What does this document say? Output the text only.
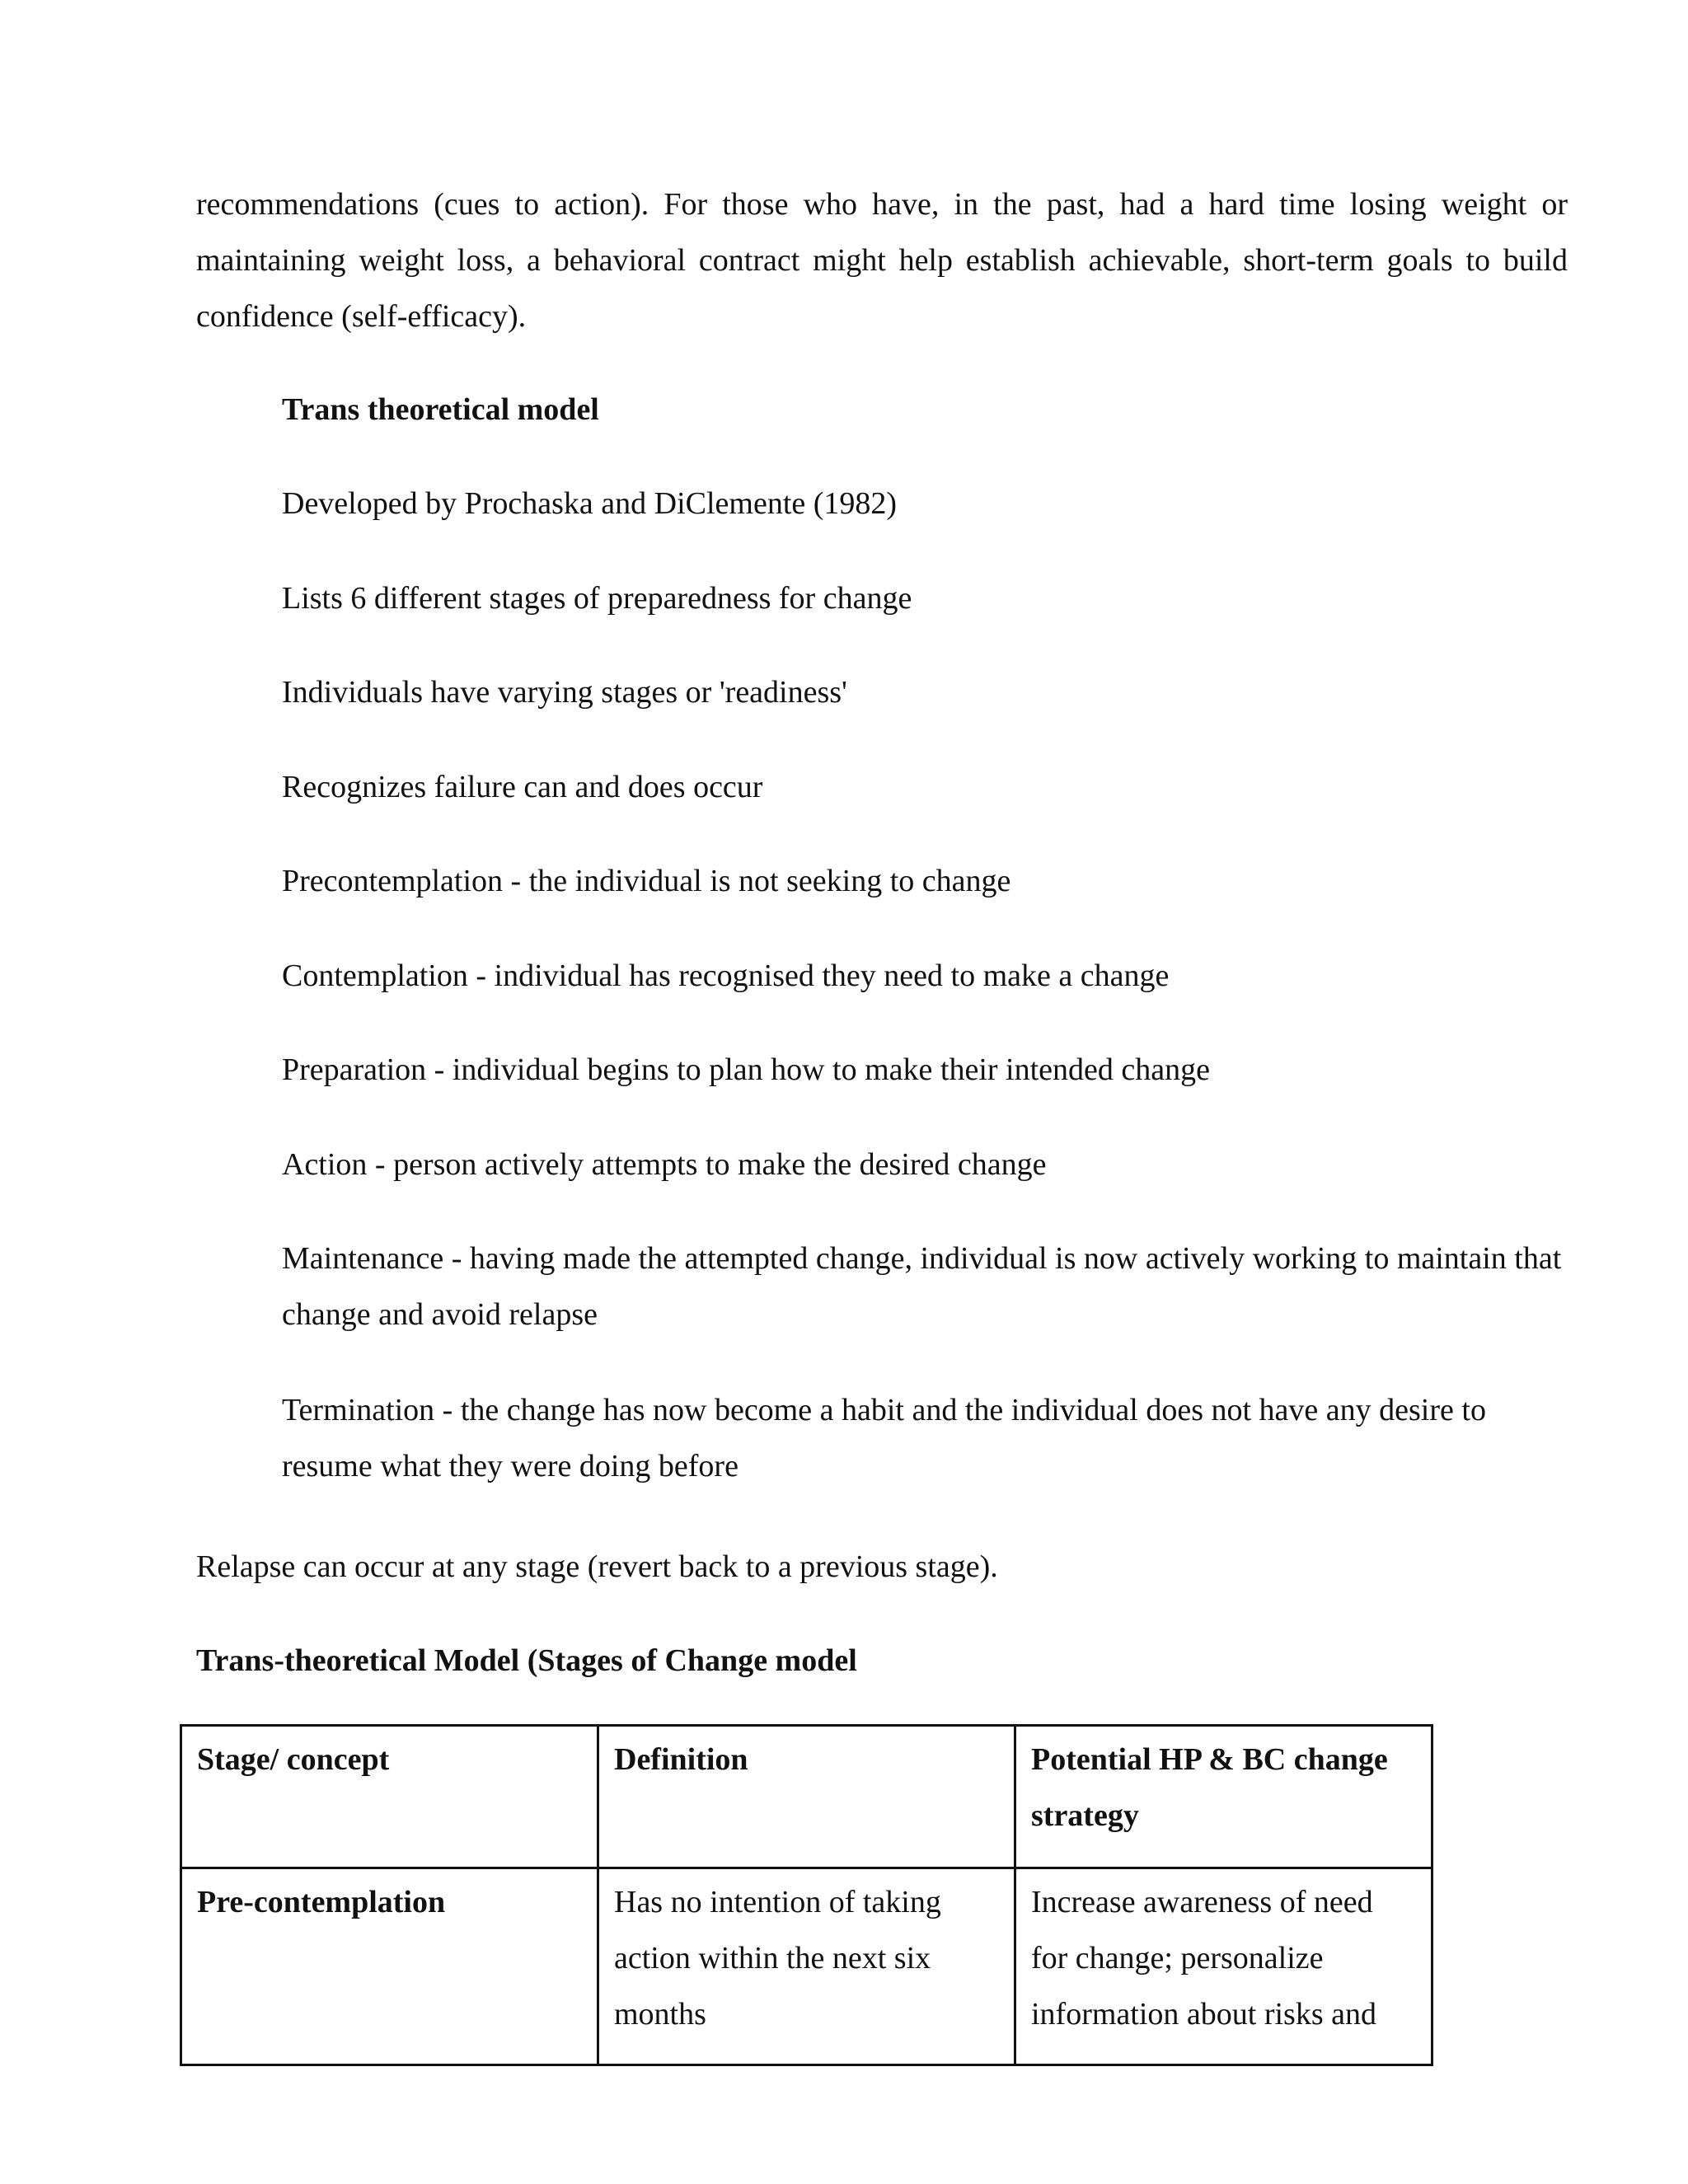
recommendations (cues to action). For those who have, in the past, had a hard time losing weight or maintaining weight loss, a behavioral contract might help establish achievable, short-term goals to build confidence (self-efficacy).

Trans theoretical model

Developed by Prochaska and DiClemente (1982)

Lists 6 different stages of preparedness for change

Individuals have varying stages or 'readiness'

Recognizes failure can and does occur

Precontemplation - the individual is not seeking to change

Contemplation - individual has recognised they need to make a change

Preparation - individual begins to plan how to make their intended change

Action - person actively attempts to make the desired change

Maintenance - having made the attempted change, individual is now actively working to maintain that change and avoid relapse

Termination - the change has now become a habit and the individual does not have any desire to resume what they were doing before

Relapse can occur at any stage (revert back to a previous stage).

Trans-theoretical Model (Stages of Change model

Stage/ concept	Definition	Potential HP & BC change strategy
Pre-contemplation	Has no intention of taking action within the next six months	Increase awareness of need for change; personalize information about risks and
